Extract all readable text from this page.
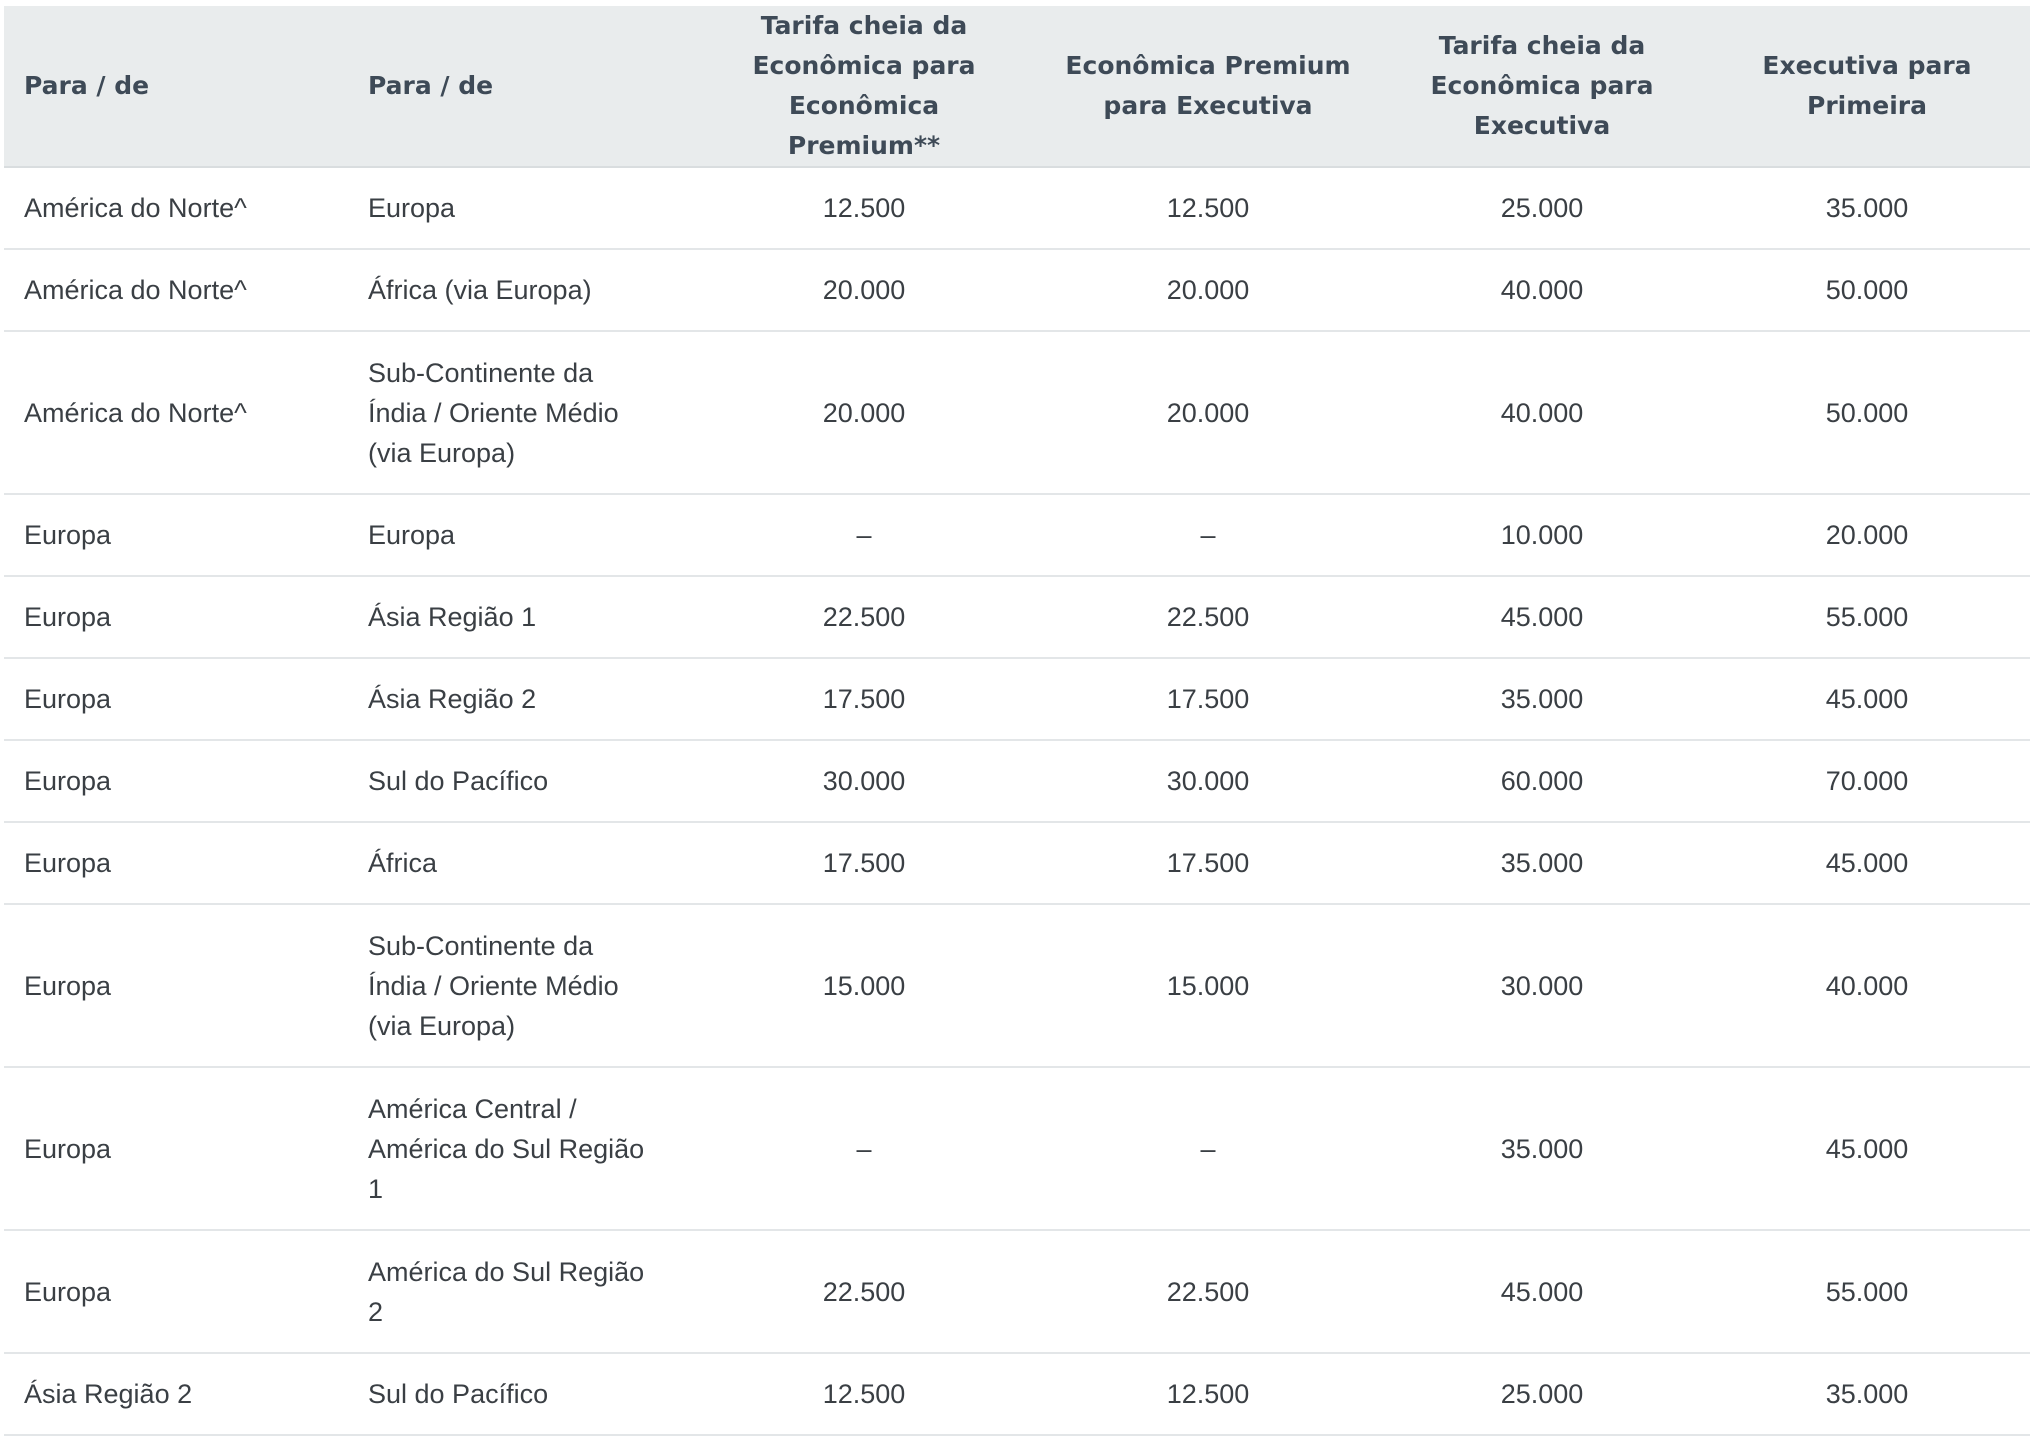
Para / de	Para / de	Tarifa cheia da Econômica para Econômica Premium**	Econômica Premium para Executiva	Tarifa cheia da Econômica para Executiva	Executiva para Primeira
América do Norte^	Europa	12.500	12.500	25.000	35.000
América do Norte^	África (via Europa)	20.000	20.000	40.000	50.000
América do Norte^	Sub-Continente da Índia / Oriente Médio (via Europa)	20.000	20.000	40.000	50.000
Europa	Europa	–	–	10.000	20.000
Europa	Ásia Região 1	22.500	22.500	45.000	55.000
Europa	Ásia Região 2	17.500	17.500	35.000	45.000
Europa	Sul do Pacífico	30.000	30.000	60.000	70.000
Europa	África	17.500	17.500	35.000	45.000
Europa	Sub-Continente da Índia / Oriente Médio (via Europa)	15.000	15.000	30.000	40.000
Europa	América Central / América do Sul Região 1	–	–	35.000	45.000
Europa	América do Sul Região 2	22.500	22.500	45.000	55.000
Ásia Região 2	Sul do Pacífico	12.500	12.500	25.000	35.000
